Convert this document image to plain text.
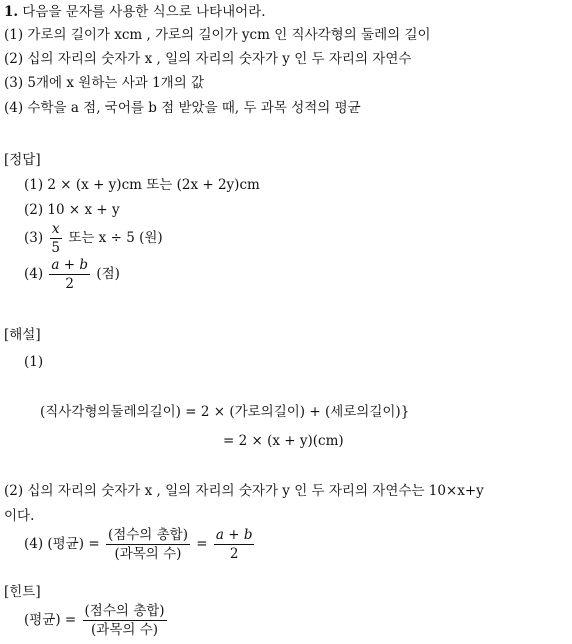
1. 다음을 문자를 사용한 식으로 나타내어라.
(1) 가로의 길이가 xcm , 가로의 길이가 ycm 인 직사각형의 둘레의 길이
(2) 십의 자리의 숫자가 x , 일의 자리의 숫자가 y 인 두 자리의 자연수
(3) 5개에 x 원하는 사과 1개의 값
(4) 수학을 a 점, 국어를 b 점 받았을 때, 두 과목 성적의 평균
[정답]
(1) 2 × (x + y)cm 또는 (2x + 2y)cm
(2) 10 × x + y
$(3) \frac{x}{5}$ 또는 x ÷ 5 (원)
$(4) \frac{a + b}{2}$ (점)
[해설]
(1)
(직사각형의둘레의길이) = 2 × (가로의길이) + (세로의길이)}
= 2 × (x + y)(cm)
(2) 십의 자리의 숫자가 x , 일의 자리의 숫자가 y 인 두 자리의 자연수는 10×x+y
이다.
(4) (평균) = $\frac{\text{(점수의 총합)}}{\text{(과목의 수)}} = \frac{a + b}{2}$
[힌트]
(평균) = $\frac{\text{(점수의 총합)}}{\text{(과목의 수)}}$
